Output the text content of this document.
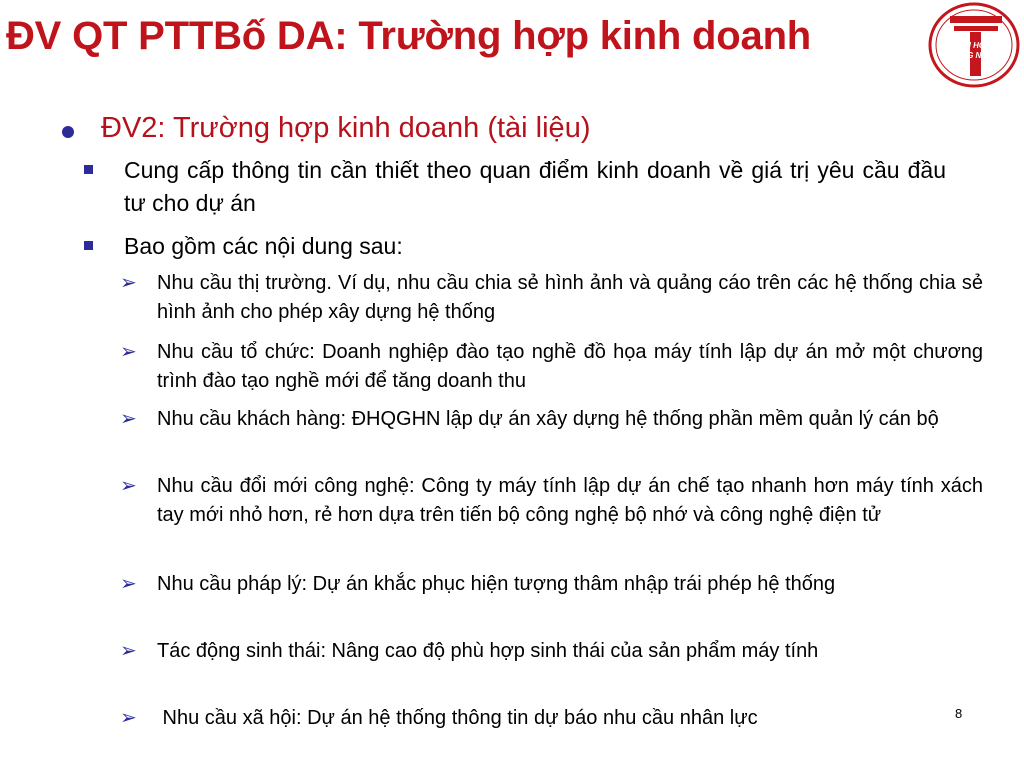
ĐV QT PTTBố DA: Trường hợp kinh doanh	ĐẠI HỌC
CÔNG NGHỆ
ĐV2: Trường hợp kinh doanh (tài liệu)
Cung cấp thông tin cần thiết theo quan điểm kinh doanh về giá trị yêu cầu đầu tư cho dự án
Bao gồm các nội dung sau:
➢ Nhu cầu thị trường. Ví dụ, nhu cầu chia sẻ hình ảnh và quảng cáo trên các hệ thống chia sẻ hình ảnh cho phép xây dựng hệ thống
➢ Nhu cầu tổ chức: Doanh nghiệp đào tạo nghề đồ họa máy tính lập dự án mở một chương trình đào tạo nghề mới để tăng doanh thu
➢ Nhu cầu khách hàng: ĐHQGHN lập dự án xây dựng hệ thống phần mềm quản lý cán bộ
➢ Nhu cầu đổi mới công nghệ: Công ty máy tính lập dự án chế tạo nhanh hơn máy tính xách tay mới nhỏ hơn, rẻ hơn dựa trên tiến bộ công nghệ bộ nhớ và công nghệ điện tử
➢ Nhu cầu pháp lý: Dự án khắc phục hiện tượng thâm nhập trái phép hệ thống
➢ Tác động sinh thái: Nâng cao độ phù hợp sinh thái của sản phẩm máy tính
➢ Nhu cầu xã hội: Dự án hệ thống thông tin dự báo nhu cầu nhân lực	8
